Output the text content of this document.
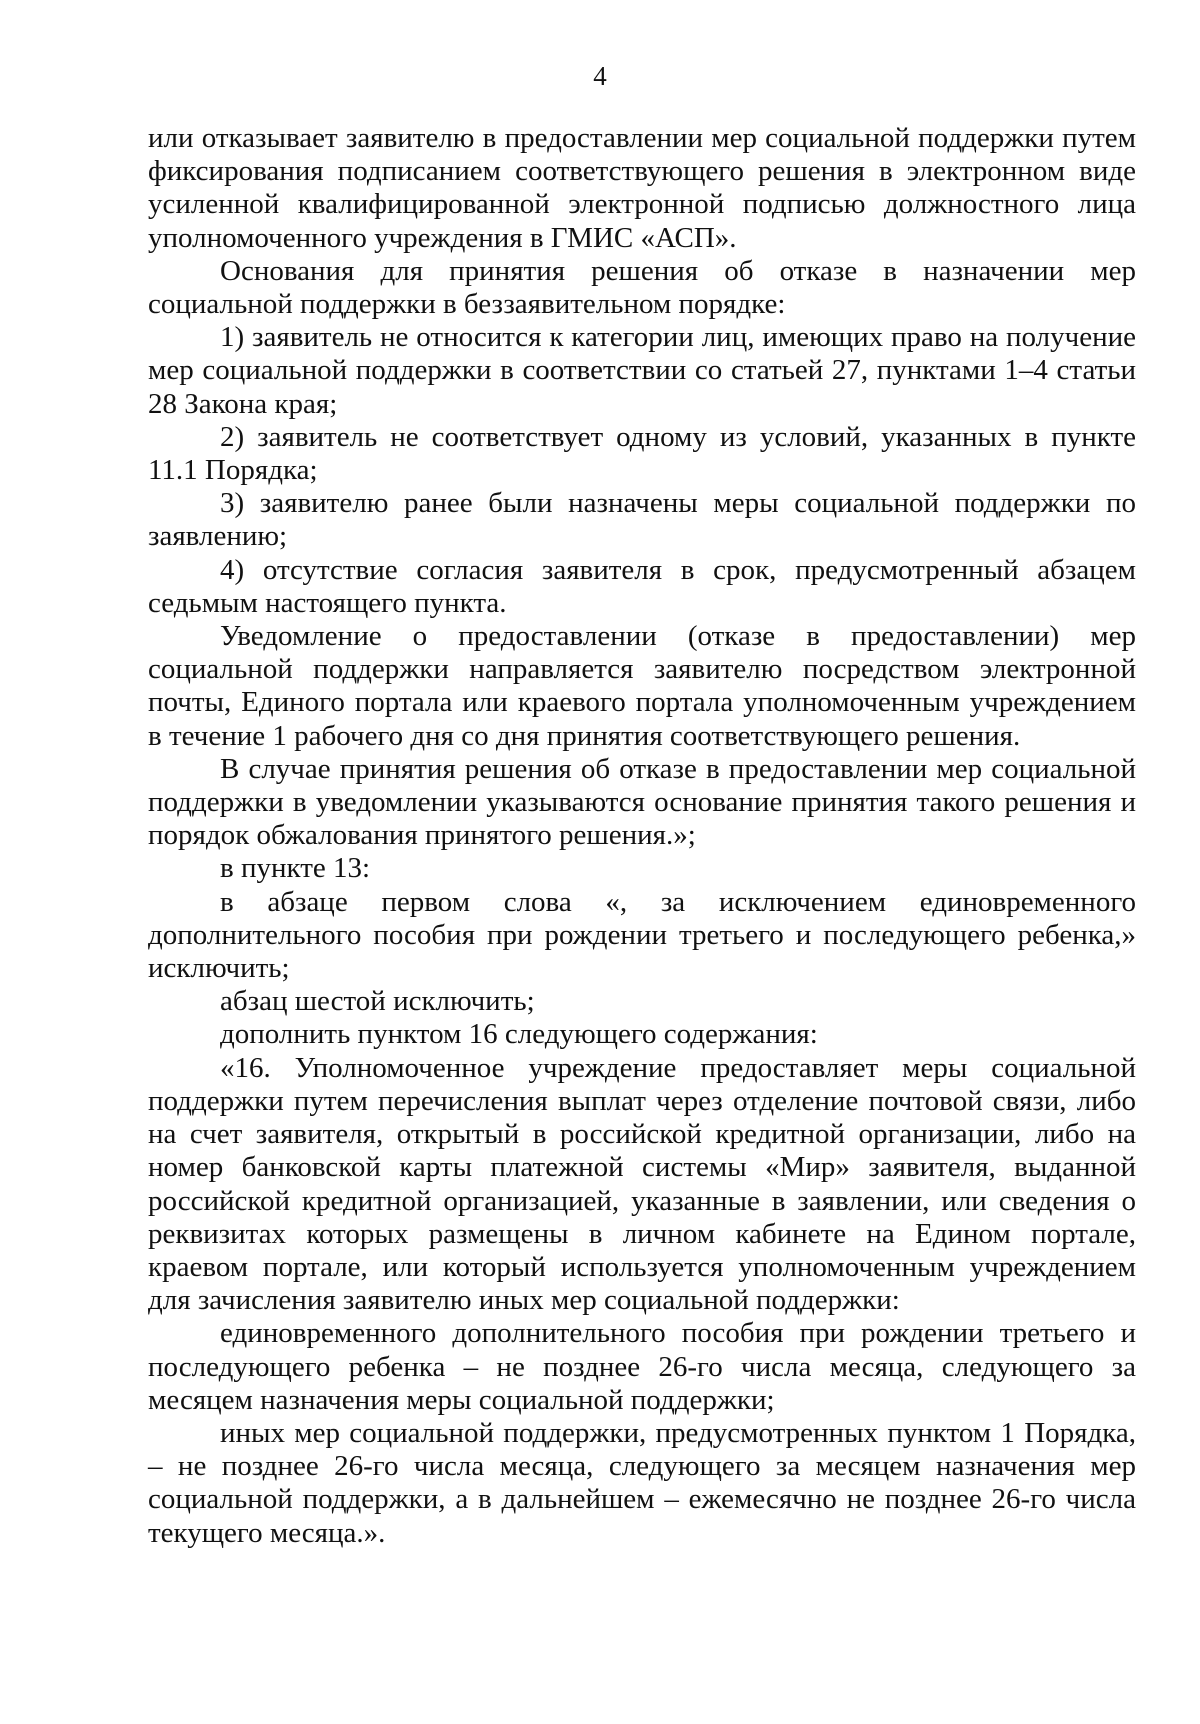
4

или отказывает заявителю в предоставлении мер социальной поддержки путем фиксирования подписанием соответствующего решения в электронном виде усиленной квалифицированной электронной подписью должностного лица уполномоченного учреждения в ГМИС «АСП».

Основания для принятия решения об отказе в назначении мер социальной поддержки в беззаявительном порядке:

1) заявитель не относится к категории лиц, имеющих право на получение мер социальной поддержки в соответствии со статьей 27, пунктами 1–4 статьи 28 Закона края;

2) заявитель не соответствует одному из условий, указанных в пункте 11.1 Порядка;

3) заявителю ранее были назначены меры социальной поддержки по заявлению;

4) отсутствие согласия заявителя в срок, предусмотренный абзацем седьмым настоящего пункта.

Уведомление о предоставлении (отказе в предоставлении) мер социальной поддержки направляется заявителю посредством электронной почты, Единого портала или краевого портала уполномоченным учреждением в течение 1 рабочего дня со дня принятия соответствующего решения.

В случае принятия решения об отказе в предоставлении мер социальной поддержки в уведомлении указываются основание принятия такого решения и порядок обжалования принятого решения.»;

в пункте 13:

в абзаце первом слова «, за исключением единовременного дополнительного пособия при рождении третьего и последующего ребенка,» исключить;

абзац шестой исключить;

дополнить пунктом 16 следующего содержания:

«16. Уполномоченное учреждение предоставляет меры социальной поддержки путем перечисления выплат через отделение почтовой связи, либо на счет заявителя, открытый в российской кредитной организации, либо на номер банковской карты платежной системы «Мир» заявителя, выданной российской кредитной организацией, указанные в заявлении, или сведения о реквизитах которых размещены в личном кабинете на Едином портале, краевом портале, или который используется уполномоченным учреждением для зачисления заявителю иных мер социальной поддержки:

единовременного дополнительного пособия при рождении третьего и последующего ребенка – не позднее 26-го числа месяца, следующего за месяцем назначения меры социальной поддержки;

иных мер социальной поддержки, предусмотренных пунктом 1 Порядка, – не позднее 26-го числа месяца, следующего за месяцем назначения мер социальной поддержки, а в дальнейшем – ежемесячно не позднее 26-го числа текущего месяца.».
